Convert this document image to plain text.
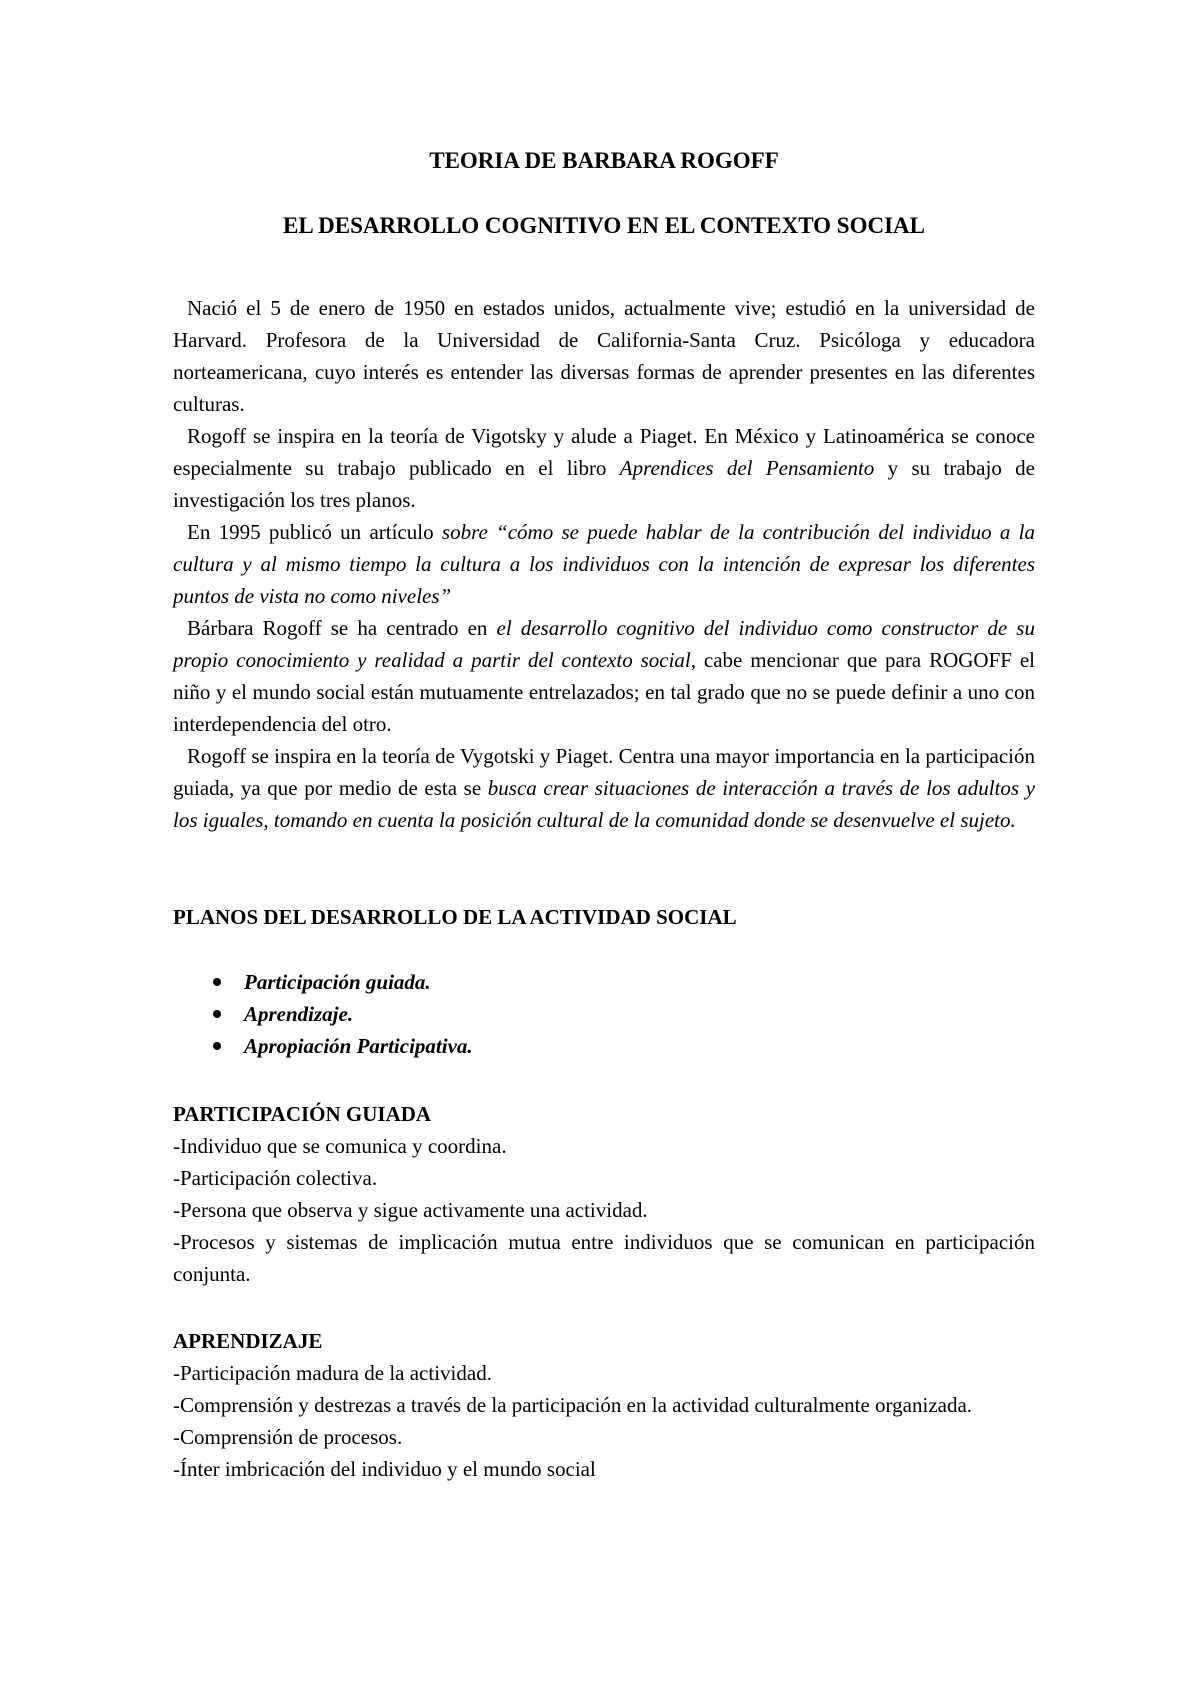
TEORIA DE BARBARA ROGOFF
EL DESARROLLO COGNITIVO EN EL CONTEXTO SOCIAL

Nació el 5 de enero de 1950 en estados unidos, actualmente vive; estudió en la universidad de Harvard. Profesora de la Universidad de California-Santa Cruz. Psicóloga y educadora norteamericana, cuyo interés es entender las diversas formas de aprender presentes en las diferentes culturas.

Rogoff se inspira en la teoría de Vigotsky y alude a Piaget. En México y Latinoamérica se conoce especialmente su trabajo publicado en el libro Aprendices del Pensamiento y su trabajo de investigación los tres planos.

En 1995 publicó un artículo sobre “cómo se puede hablar de la contribución del individuo a la cultura y al mismo tiempo la cultura a los individuos con la intención de expresar los diferentes puntos de vista no como niveles”

Bárbara Rogoff se ha centrado en el desarrollo cognitivo del individuo como constructor de su propio conocimiento y realidad a partir del contexto social, cabe mencionar que para ROGOFF el niño y el mundo social están mutuamente entrelazados; en tal grado que no se puede definir a uno con interdependencia del otro.

Rogoff se inspira en la teoría de Vygotski y Piaget. Centra una mayor importancia en la participación guiada, ya que por medio de esta se busca crear situaciones de interacción a través de los adultos y los iguales, tomando en cuenta la posición cultural de la comunidad donde se desenvuelve el sujeto.

PLANOS DEL DESARROLLO DE LA ACTIVIDAD SOCIAL
Participación guiada.
Aprendizaje.
Apropiación Participativa.

PARTICIPACIÓN GUIADA

-Individuo que se comunica y coordina.

-Participación colectiva.

-Persona que observa y sigue activamente una actividad.

-Procesos y sistemas de implicación mutua entre individuos que se comunican en participación conjunta.

APRENDIZAJE

-Participación madura de la actividad.

-Comprensión y destrezas a través de la participación en la actividad culturalmente organizada.

-Comprensión de procesos.

-Ínter imbricación del individuo y el mundo social
